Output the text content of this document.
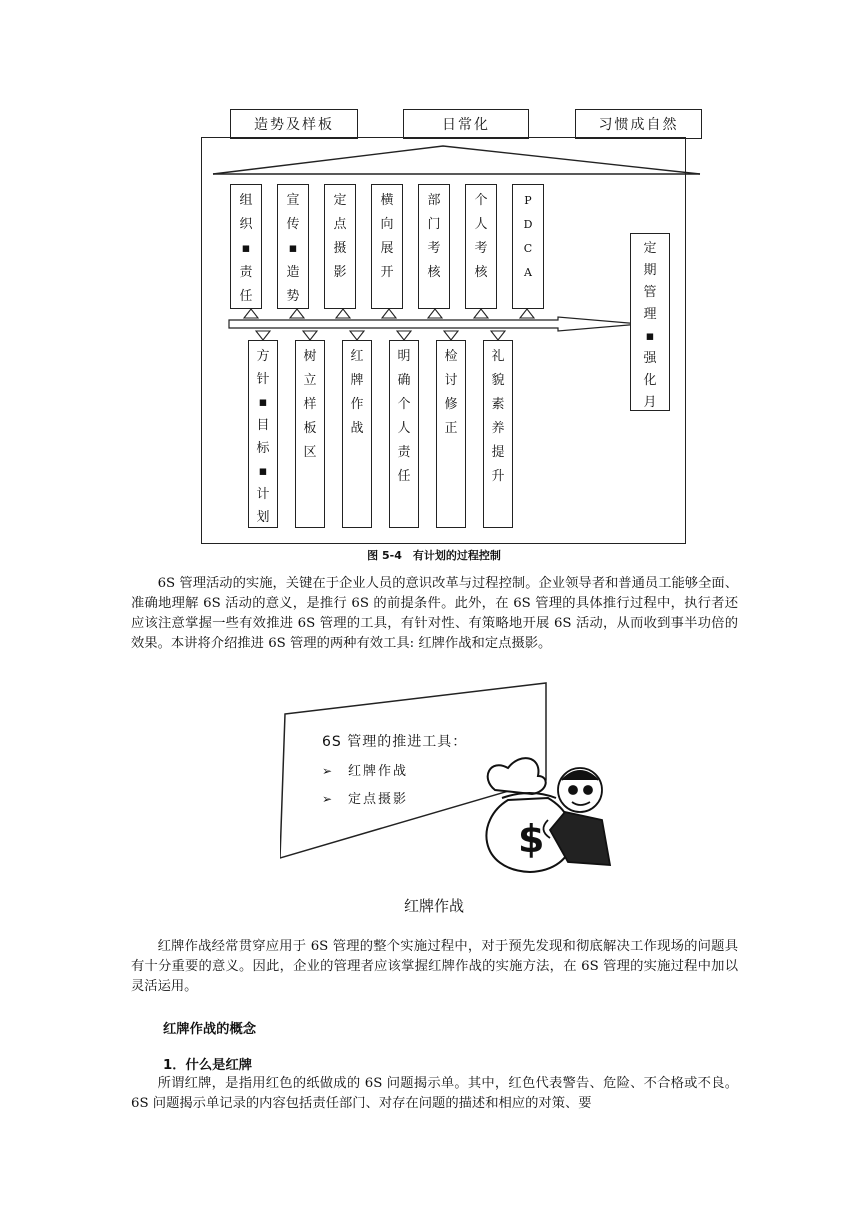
造势及样板	日常化	习惯成自然
组
织
▪
责
任
宣
传
▪
造
势
定
点
摄
影
横
向
展
开
部
门
考
核
个
人
考
核
P
D
C
A
定
期
管
理
▪
强
化
月
方
针
▪
目
标
▪
计
划
树
立
样
板
区
红
牌
作
战
明
确
个
人
责
任
检
讨
修
正
礼
貌
素
养
提
升
图 5-4　有计划的过程控制

6S 管理活动的实施，关键在于企业人员的意识改革与过程控制。企业领导者和普通员工能够全面、准确地理解 6S 活动的意义，是推行 6S 的前提条件。此外，在 6S 管理的具体推行过程中，执行者还应该注意掌握一些有效推进 6S 管理的工具，有针对性、有策略地开展 6S 活动，从而收到事半功倍的效果。本讲将介绍推进 6S 管理的两种有效工具: 红牌作战和定点摄影。

$
6S 管理的推进工具：
➢ 红牌作战
➢ 定点摄影
红牌作战

红牌作战经常贯穿应用于 6S 管理的整个实施过程中，对于预先发现和彻底解决工作现场的问题具有十分重要的意义。因此，企业的管理者应该掌握红牌作战的实施方法，在 6S 管理的实施过程中加以灵活运用。

红牌作战的概念
1．什么是红牌

所谓红牌，是指用红色的纸做成的 6S 问题揭示单。其中，红色代表警告、危险、不合格或不良。6S 问题揭示单记录的内容包括责任部门、对存在问题的描述和相应的对策、要
